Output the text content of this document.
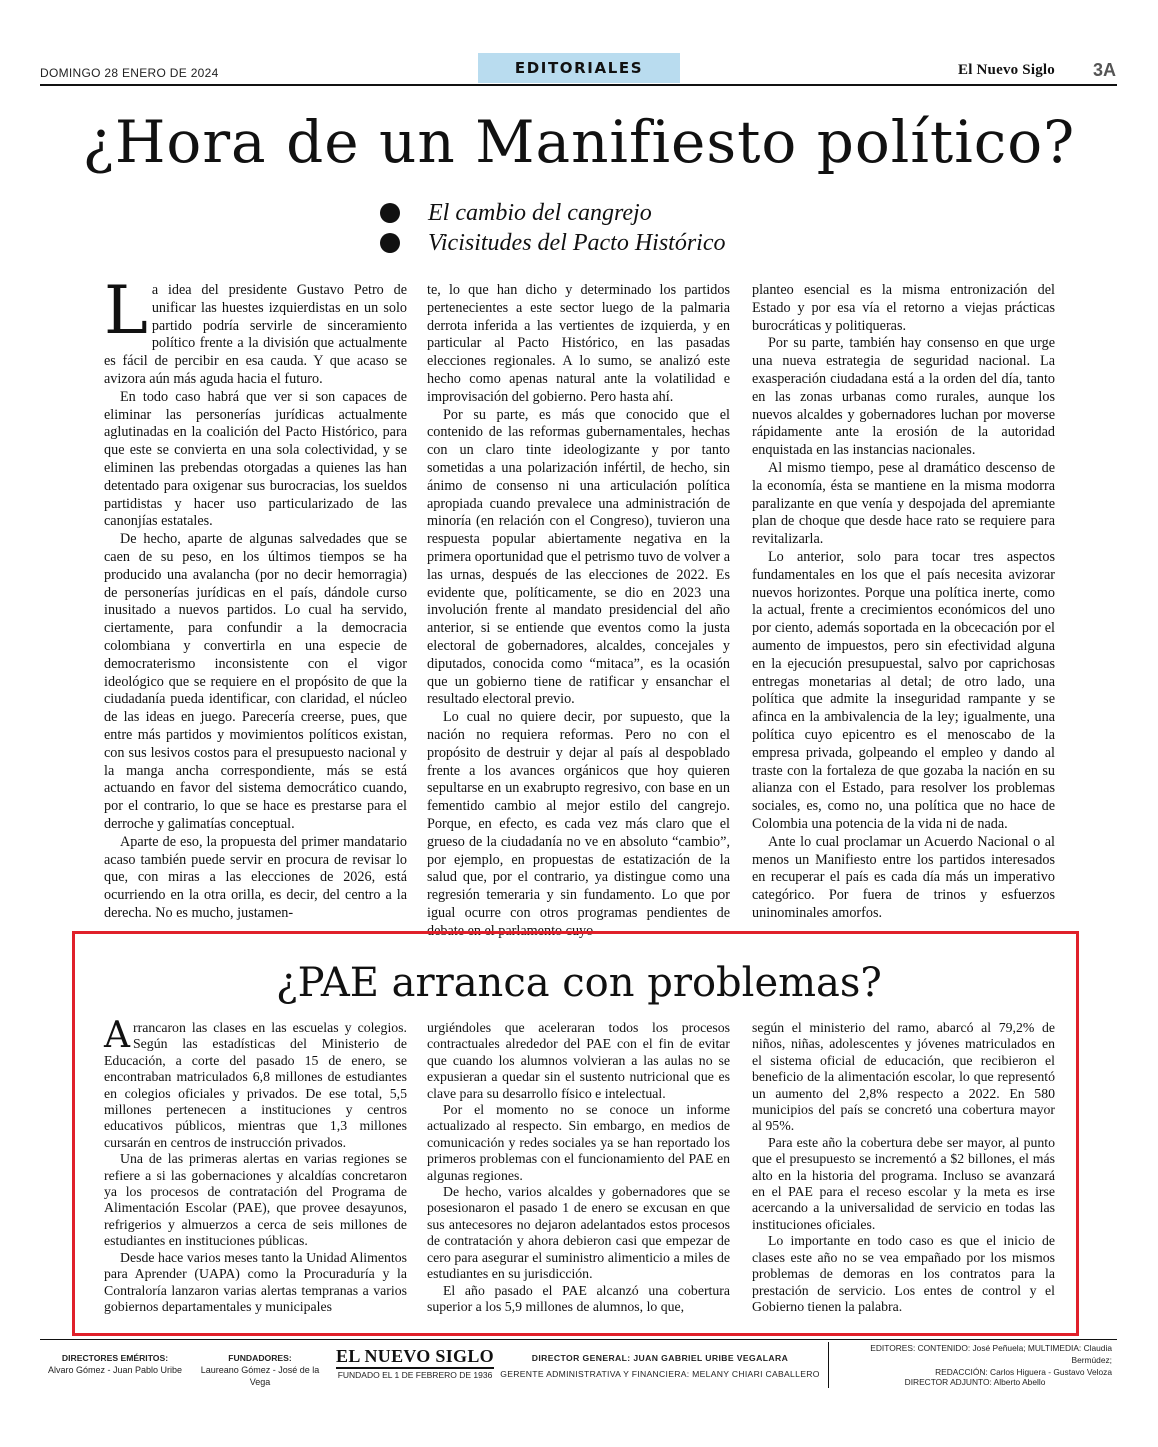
DOMINGO 28 ENERO DE 2024	EDITORIALES	El Nuevo Siglo 3A
¿Hora de un Manifiesto político?
El cambio del cangrejo
Vicisitudes del Pacto Histórico

La idea del presidente Gustavo Petro de unificar las huestes izquierdistas en un solo partido podría servirle de sinceramiento político frente a la división que actualmente es fácil de percibir en esa cauda. Y que acaso se avizora aún más aguda hacia el futuro.

En todo caso habrá que ver si son capaces de eliminar las personerías jurídicas actualmente aglutinadas en la coalición del Pacto Histórico, para que este se convierta en una sola colectividad, y se eliminen las prebendas otorgadas a quienes las han detentado para oxigenar sus burocracias, los sueldos partidistas y hacer uso particularizado de las canonjías estatales.

De hecho, aparte de algunas salvedades que se caen de su peso, en los últimos tiempos se ha producido una avalancha (por no decir hemorragia) de personerías jurídicas en el país, dándole curso inusitado a nuevos partidos. Lo cual ha servido, ciertamente, para confundir a la democracia colombiana y convertirla en una especie de democraterismo inconsistente con el vigor ideológico que se requiere en el propósito de que la ciudadanía pueda identificar, con claridad, el núcleo de las ideas en juego. Parecería creerse, pues, que entre más partidos y movimientos políticos existan, con sus lesivos costos para el presupuesto nacional y la manga ancha correspondiente, más se está actuando en favor del sistema democrático cuando, por el contrario, lo que se hace es prestarse para el derroche y galimatías conceptual.

Aparte de eso, la propuesta del primer mandatario acaso también puede servir en procura de revisar lo que, con miras a las elecciones de 2026, está ocurriendo en la otra orilla, es decir, del centro a la derecha. No es mucho, justamen-

te, lo que han dicho y determinado los partidos pertenecientes a este sector luego de la palmaria derrota inferida a las vertientes de izquierda, y en particular al Pacto Histórico, en las pasadas elecciones regionales. A lo sumo, se analizó este hecho como apenas natural ante la volatilidad e improvisación del gobierno. Pero hasta ahí.

Por su parte, es más que conocido que el contenido de las reformas gubernamentales, hechas con un claro tinte ideologizante y por tanto sometidas a una polarización infértil, de hecho, sin ánimo de consenso ni una articulación política apropiada cuando prevalece una administración de minoría (en relación con el Congreso), tuvieron una respuesta popular abiertamente negativa en la primera oportunidad que el petrismo tuvo de volver a las urnas, después de las elecciones de 2022. Es evidente que, políticamente, se dio en 2023 una involución frente al mandato presidencial del año anterior, si se entiende que eventos como la justa electoral de gobernadores, alcaldes, concejales y diputados, conocida como “mitaca”, es la ocasión que un gobierno tiene de ratificar y ensanchar el resultado electoral previo.

Lo cual no quiere decir, por supuesto, que la nación no requiera reformas. Pero no con el propósito de destruir y dejar al país al despoblado frente a los avances orgánicos que hoy quieren sepultarse en un exabrupto regresivo, con base en un fementido cambio al mejor estilo del cangrejo. Porque, en efecto, es cada vez más claro que el grueso de la ciudadanía no ve en absoluto “cambio”, por ejemplo, en propuestas de estatización de la salud que, por el contrario, ya distingue como una regresión temeraria y sin fundamento. Lo que por igual ocurre con otros programas pendientes de debate en el parlamento cuyo

planteo esencial es la misma entronización del Estado y por esa vía el retorno a viejas prácticas burocráticas y politiqueras.

Por su parte, también hay consenso en que urge una nueva estrategia de seguridad nacional. La exasperación ciudadana está a la orden del día, tanto en las zonas urbanas como rurales, aunque los nuevos alcaldes y gobernadores luchan por moverse rápidamente ante la erosión de la autoridad enquistada en las instancias nacionales.

Al mismo tiempo, pese al dramático descenso de la economía, ésta se mantiene en la misma modorra paralizante en que venía y despojada del apremiante plan de choque que desde hace rato se requiere para revitalizarla.

Lo anterior, solo para tocar tres aspectos fundamentales en los que el país necesita avizorar nuevos horizontes. Porque una política inerte, como la actual, frente a crecimientos económicos del uno por ciento, además soportada en la obcecación por el aumento de impuestos, pero sin efectividad alguna en la ejecución presupuestal, salvo por caprichosas entregas monetarias al detal; de otro lado, una política que admite la inseguridad rampante y se afinca en la ambivalencia de la ley; igualmente, una política cuyo epicentro es el menoscabo de la empresa privada, golpeando el empleo y dando al traste con la fortaleza de que gozaba la nación en su alianza con el Estado, para resolver los problemas sociales, es, como no, una política que no hace de Colombia una potencia de la vida ni de nada.

Ante lo cual proclamar un Acuerdo Nacional o al menos un Manifiesto entre los partidos interesados en recuperar el país es cada día más un imperativo categórico. Por fuera de trinos y esfuerzos uninominales amorfos.

¿PAE arranca con problemas?

Arrancaron las clases en las escuelas y colegios. Según las estadísticas del Ministerio de Educación, a corte del pasado 15 de enero, se encontraban matriculados 6,8 millones de estudiantes en colegios oficiales y privados. De ese total, 5,5 millones pertenecen a instituciones y centros educativos públicos, mientras que 1,3 millones cursarán en centros de instrucción privados.

Una de las primeras alertas en varias regiones se refiere a si las gobernaciones y alcaldías concretaron ya los procesos de contratación del Programa de Alimentación Escolar (PAE), que provee desayunos, refrigerios y almuerzos a cerca de seis millones de estudiantes en instituciones públicas.

Desde hace varios meses tanto la Unidad Alimentos para Aprender (UAPA) como la Procuraduría y la Contraloría lanzaron varias alertas tempranas a varios gobiernos departamentales y municipales

urgiéndoles que aceleraran todos los procesos contractuales alrededor del PAE con el fin de evitar que cuando los alumnos volvieran a las aulas no se expusieran a quedar sin el sustento nutricional que es clave para su desarrollo físico e intelectual.

Por el momento no se conoce un informe actualizado al respecto. Sin embargo, en medios de comunicación y redes sociales ya se han reportado los primeros problemas con el funcionamiento del PAE en algunas regiones.

De hecho, varios alcaldes y gobernadores que se posesionaron el pasado 1 de enero se excusan en que sus antecesores no dejaron adelantados estos procesos de contratación y ahora debieron casi que empezar de cero para asegurar el suministro alimenticio a miles de estudiantes en su jurisdicción.

El año pasado el PAE alcanzó una cobertura superior a los 5,9 millones de alumnos, lo que,

según el ministerio del ramo, abarcó al 79,2% de niños, niñas, adolescentes y jóvenes matriculados en el sistema oficial de educación, que recibieron el beneficio de la alimentación escolar, lo que representó un aumento del 2,8% respecto a 2022. En 580 municipios del país se concretó una cobertura mayor al 95%.

Para este año la cobertura debe ser mayor, al punto que el presupuesto se incrementó a $2 billones, el más alto en la historia del programa. Incluso se avanzará en el PAE para el receso escolar y la meta es irse acercando a la universalidad de servicio en todas las instituciones oficiales.

Lo importante en todo caso es que el inicio de clases este año no se vea empañado por los mismos problemas de demoras en los contratos para la prestación de servicio. Los entes de control y el Gobierno tienen la palabra.

DIRECTORES EMÉRITOS:
Alvaro Gómez - Juan Pablo Uribe
FUNDADORES:
Laureano Gómez - José de la Vega
EL NUEVO SIGLO
FUNDADO EL 1 DE FEBRERO DE 1936
DIRECTOR GENERAL: JUAN GABRIEL URIBE VEGALARA
GERENTE ADMINISTRATIVA Y FINANCIERA: MELANY CHIARI CABALLERO
EDITORES: CONTENIDO: José Peñuela; MULTIMEDIA: Claudia Bermúdez;
REDACCIÓN: Carlos Higuera - Gustavo Veloza
DIRECTOR ADJUNTO: Alberto Abello
